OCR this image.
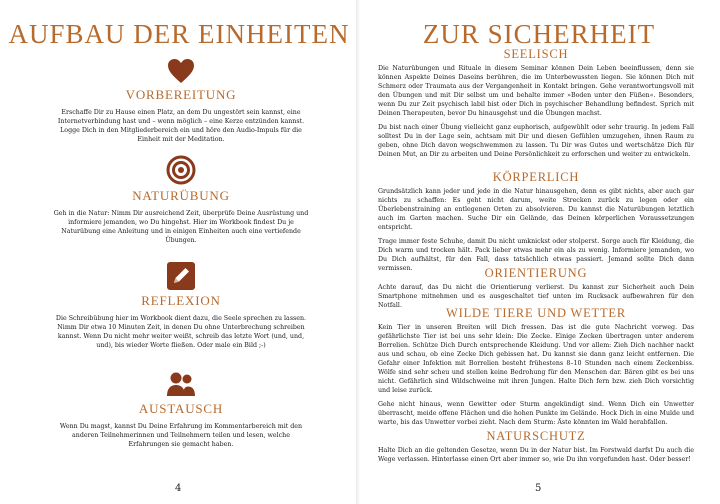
AUFBAU DER EINHEITEN
VORBEREITUNG

Erschaffe Dir zu Hause einen Platz, an dem Du ungestört sein kannst, eine Internetverbindung hast und – wenn möglich – eine Kerze entzünden kannst. Logge Dich in den Mitgliederbereich ein und höre den Audio-Impuls für die Einheit mit der Meditation.

NATURÜBUNG

Geh in die Natur: Nimm Dir ausreichend Zeit, überprüfe Deine Ausrüstung und informiere jemanden, wo Du hingehst. Hier im Workbook findest Du je Naturübung eine Anleitung und in einigen Einheiten auch eine vertiefende Übungen.

REFLEXION

Die Schreibübung hier im Workbook dient dazu, die Seele sprechen zu lassen. Nimm Dir etwa 10 Minuten Zeit, in denen Du ohne Unterbrechung schreiben kannst. Wenn Du nicht mehr weiter weißt, schreib das letzte Wort (und, und, und), bis wieder Worte fließen. Oder male ein Bild ;-)

AUSTAUSCH

Wenn Du magst, kannst Du Deine Erfahrung im Kommentarbereich mit den anderen Teilnehmerinnen und Teilnehmern teilen und lesen, welche Erfahrungen sie gemacht haben.

4
ZUR SICHERHEIT
SEELISCH

Die Naturübungen und Rituale in diesem Seminar können Dein Leben beeinflussen, denn sie können Aspekte Deines Daseins berühren, die im Unterbewussten liegen. Sie können Dich mit Schmerz oder Traumata aus der Vergangenheit in Kontakt bringen. Gehe verantwortungsvoll mit den Übungen und mit Dir selbst um und behalte immer »Boden unter den Füßen«. Besonders, wenn Du zur Zeit psychisch labil bist oder Dich in psychischer Behandlung befindest. Sprich mit Deinen Therapeuten, bevor Du hinausgehst und die Übungen machst.

Du bist nach einer Übung vielleicht ganz euphorisch, aufgewühlt oder sehr traurig. In jedem Fall solltest Du in der Lage sein, achtsam mit Dir und diesen Gefühlen umzugehen, ihnen Raum zu geben, ohne Dich davon wegschwemmen zu lassen. Tu Dir was Gutes und wertschätze Dich für Deinen Mut, an Dir zu arbeiten und Deine Persönlichkeit zu erforschen und weiter zu entwickeln.

KÖRPERLICH

Grundsätzlich kann jeder und jede in die Natur hinausgehen, denn es gibt nichts, aber auch gar nichts zu schaffen: Es geht nicht darum, weite Strecken zurück zu legen oder ein Überlebenstraining an entlegenen Orten zu absolvieren. Du kannst die Naturübungen letztlich auch im Garten machen. Suche Dir ein Gelände, das Deinen körperlichen Voraussetzungen entspricht.

Trage immer feste Schuhe, damit Du nicht umknickst oder stolperst. Sorge auch für Kleidung, die Dich warm und trocken hält. Pack lieber etwas mehr ein als zu wenig. Informiere jemanden, wo Du Dich aufhältst, für den Fall, dass tatsächlich etwas passiert. Jemand sollte Dich dann vermissen.	ORIENTIERUNG

Achte darauf, das Du nicht die Orientierung verlierst. Du kannst zur Sicherheit auch Dein Smartphone mitnehmen und es ausgeschaltet tief unten im Rucksack aufbewahren für den Notfall.

WILDE TIERE UND WETTER

Kein Tier in unseren Breiten will Dich fressen. Das ist die gute Nachricht vorweg. Das gefährlichste Tier ist bei uns sehr klein: Die Zecke. Einige Zecken übertragen unter anderem Borrelien. Schütze Dich Durch entsprechende Kleidung. Und vor allem: Zieh Dich nachher nackt aus und schau, ob eine Zecke Dich gebissen hat. Du kannst sie dann ganz leicht entfernen. Die Gefahr einer Infektion mit Borrelien besteht frühestens 8–10 Stunden nach einem Zeckenbiss. Wölfe sind sehr scheu und stellen keine Bedrohung für den Menschen dar. Bären gibt es bei uns nicht. Gefährlich sind Wildschweine mit ihren Jungen. Halte Dich fern bzw. zieh Dich vorsichtig und leise zurück.

Gehe nicht hinaus, wenn Gewitter oder Sturm angekündigt sind. Wenn Dich ein Unwetter überrascht, meide offene Flächen und die hohen Punkte im Gelände. Hock Dich in eine Mulde und warte, bis das Unwetter vorbei zieht. Nach dem Sturm: Äste könnten im Wald herabfallen.

NATURSCHUTZ

Halte Dich an die geltenden Gesetze, wenn Du in der Natur bist. Im Forstwald darfst Du auch die Wege verlassen. Hinterlasse einen Ort aber immer so, wie Du ihn vorgefunden hast. Oder besser!

5
